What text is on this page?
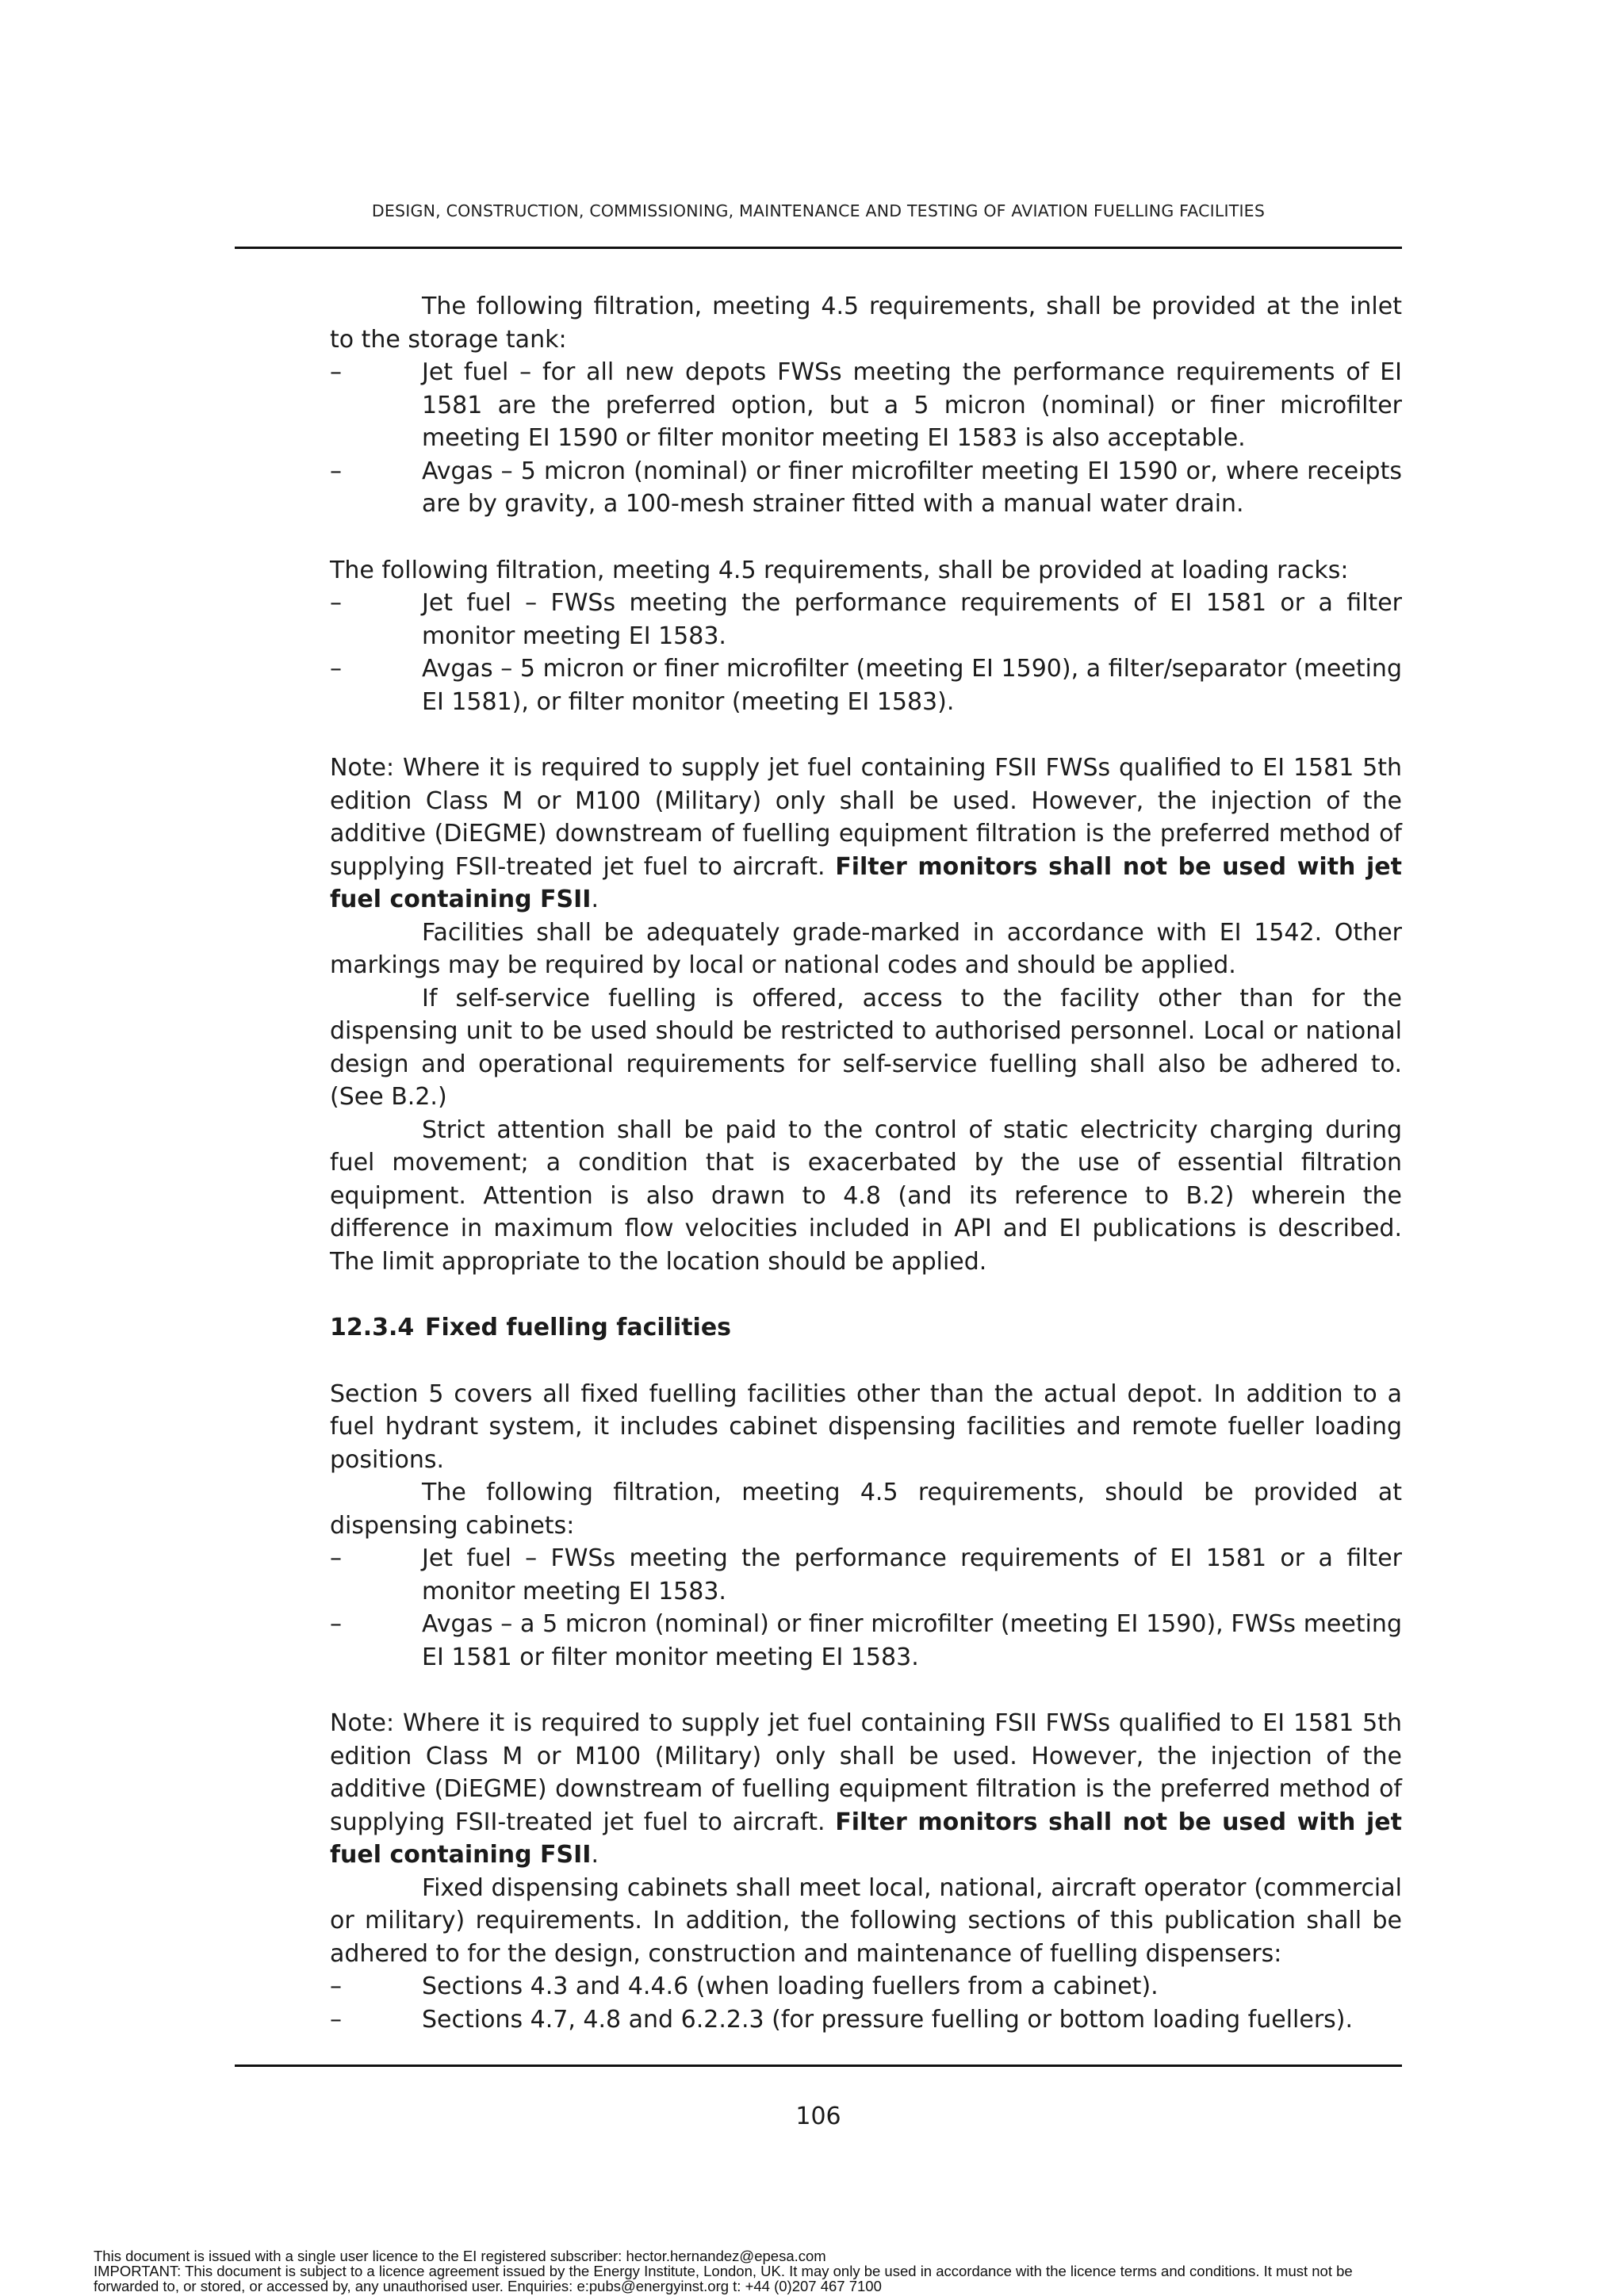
DESIGN, CONSTRUCTION, COMMISSIONING, MAINTENANCE AND TESTING OF AVIATION FUELLING FACILITIES

The following filtration, meeting 4.5 requirements, shall be provided at the inlet to the storage tank:

–	Jet fuel – for all new depots FWSs meeting the performance requirements of EI 1581 are the preferred option, but a 5 micron (nominal) or finer microfilter meeting EI 1590 or filter monitor meeting EI 1583 is also acceptable.
–	Avgas – 5 micron (nominal) or finer microfilter meeting EI 1590 or, where receipts are by gravity, a 100-mesh strainer fitted with a manual water drain.

The following filtration, meeting 4.5 requirements, shall be provided at loading racks:

–	Jet fuel – FWSs meeting the performance requirements of EI 1581 or a filter monitor meeting EI 1583.
–	Avgas – 5 micron or finer microfilter (meeting EI 1590), a filter/separator (meeting EI 1581), or filter monitor (meeting EI 1583).

Note: Where it is required to supply jet fuel containing FSII FWSs qualified to EI 1581 5th edition Class M or M100 (Military) only shall be used. However, the injection of the additive (DiEGME) downstream of fuelling equipment filtration is the preferred method of supplying FSII-treated jet fuel to aircraft. Filter monitors shall not be used with jet fuel containing FSII.

Facilities shall be adequately grade-marked in accordance with EI 1542. Other markings may be required by local or national codes and should be applied.

If self-service fuelling is offered, access to the facility other than for the dispensing unit to be used should be restricted to authorised personnel. Local or national design and operational requirements for self-service fuelling shall also be adhered to. (See B.2.)

Strict attention shall be paid to the control of static electricity charging during fuel movement; a condition that is exacerbated by the use of essential filtration equipment. Attention is also drawn to 4.8 (and its reference to B.2) wherein the difference in maximum flow velocities included in API and EI publications is described. The limit appropriate to the location should be applied.

12.3.4 Fixed fuelling facilities

Section 5 covers all fixed fuelling facilities other than the actual depot. In addition to a fuel hydrant system, it includes cabinet dispensing facilities and remote fueller loading positions.

The following filtration, meeting 4.5 requirements, should be provided at dispensing cabinets:

–	Jet fuel – FWSs meeting the performance requirements of EI 1581 or a filter monitor meeting EI 1583.
–	Avgas – a 5 micron (nominal) or finer microfilter (meeting EI 1590), FWSs meeting EI 1581 or filter monitor meeting EI 1583.

Note: Where it is required to supply jet fuel containing FSII FWSs qualified to EI 1581 5th edition Class M or M100 (Military) only shall be used. However, the injection of the additive (DiEGME) downstream of fuelling equipment filtration is the preferred method of supplying FSII-treated jet fuel to aircraft. Filter monitors shall not be used with jet fuel containing FSII.

Fixed dispensing cabinets shall meet local, national, aircraft operator (commercial or military) requirements. In addition, the following sections of this publication shall be adhered to for the design, construction and maintenance of fuelling dispensers:

–	Sections 4.3 and 4.4.6 (when loading fuellers from a cabinet).
–	Sections 4.7, 4.8 and 6.2.2.3 (for pressure fuelling or bottom loading fuellers).
106
This document is issued with a single user licence to the EI registered subscriber: hector.hernandez@epesa.com
IMPORTANT: This document is subject to a licence agreement issued by the Energy Institute, London, UK. It may only be used in accordance with the licence terms and conditions. It must not be
forwarded to, or stored, or accessed by, any unauthorised user. Enquiries: e:pubs@energyinst.org t: +44 (0)207 467 7100
